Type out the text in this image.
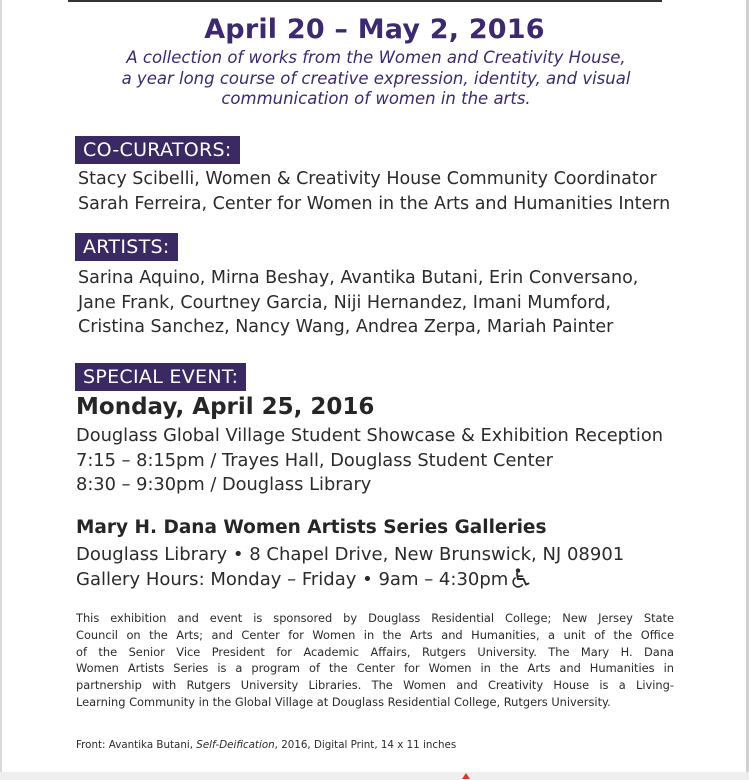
April 20 – May 2, 2016
A collection of works from the Women and Creativity House,
a year long course of creative expression, identity, and visual
communication of women in the arts.
CO-CURATORS:
Stacy Scibelli, Women & Creativity House Community Coordinator
Sarah Ferreira, Center for Women in the Arts and Humanities Intern
ARTISTS:
Sarina Aquino, Mirna Beshay, Avantika Butani, Erin Conversano,
Jane Frank, Courtney Garcia, Niji Hernandez, Imani Mumford,
Cristina Sanchez, Nancy Wang, Andrea Zerpa, Mariah Painter
SPECIAL EVENT:
Monday, April 25, 2016
Douglass Global Village Student Showcase & Exhibition Reception
7:15 – 8:15pm / Trayes Hall, Douglass Student Center
8:30 – 9:30pm / Douglass Library
Mary H. Dana Women Artists Series Galleries
Douglass Library • 8 Chapel Drive, New Brunswick, NJ 08901
Gallery Hours: Monday – Friday • 9am – 4:30pm
This exhibition and event is sponsored by Douglass Residential College; New Jersey State
Council on the Arts; and Center for Women in the Arts and Humanities, a unit of the Office
of the Senior Vice President for Academic Affairs, Rutgers University. The Mary H. Dana
Women Artists Series is a program of the Center for Women in the Arts and Humanities in
partnership with Rutgers University Libraries. The Women and Creativity House is a Living-
Learning Community in the Global Village at Douglass Residential College, Rutgers University.
Front: Avantika Butani, Self-Deification, 2016, Digital Print, 14 x 11 inches
